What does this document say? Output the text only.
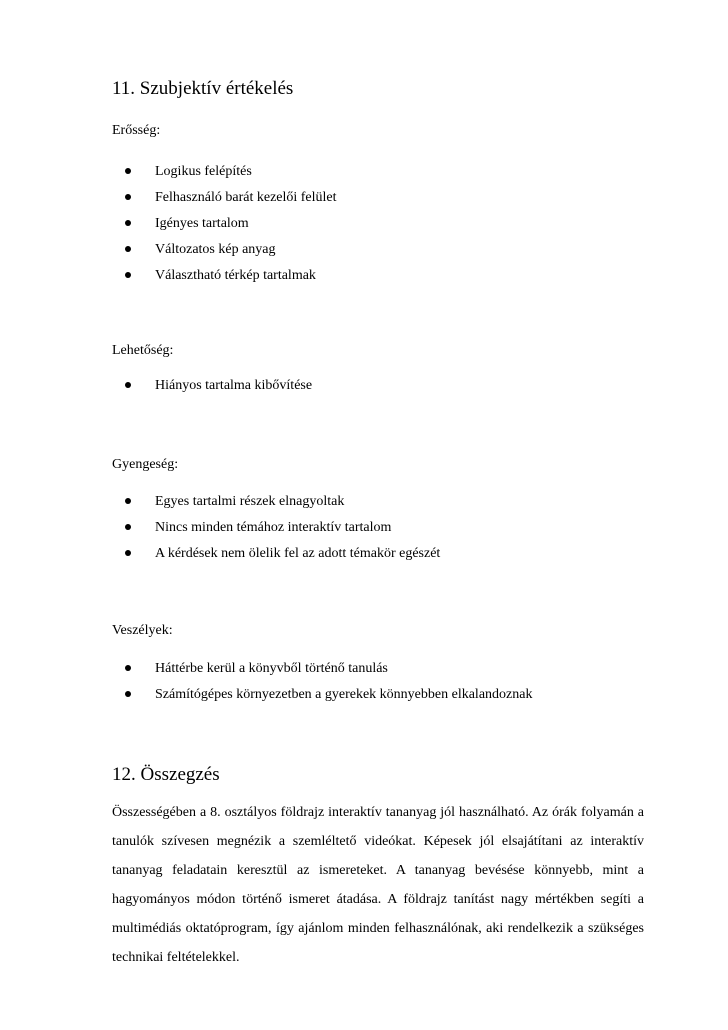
11. Szubjektív értékelés
Erősség:
Logikus felépítés
Felhasználó barát kezelői felület
Igényes tartalom
Változatos kép anyag
Választható térkép tartalmak
Lehetőség:
Hiányos tartalma kibővítése
Gyengeség:
Egyes tartalmi részek elnagyoltak
Nincs minden témához interaktív tartalom
A kérdések nem ölelik fel az adott témakör egészét
Veszélyek:
Háttérbe kerül a könyvből történő tanulás
Számítógépes környezetben a gyerekek könnyebben elkalandoznak
12. Összegzés

Összességében a 8. osztályos földrajz interaktív tananyag jól használható. Az órák folyamán a tanulók szívesen megnézik a szemléltető videókat. Képesek jól elsajátítani az interaktív tananyag feladatain keresztül az ismereteket. A tananyag bevésése könnyebb, mint a hagyományos módon történő ismeret átadása. A földrajz tanítást nagy mértékben segíti a multimédiás oktatóprogram, így ajánlom minden felhasználónak, aki rendelkezik a szükséges technikai feltételekkel.
